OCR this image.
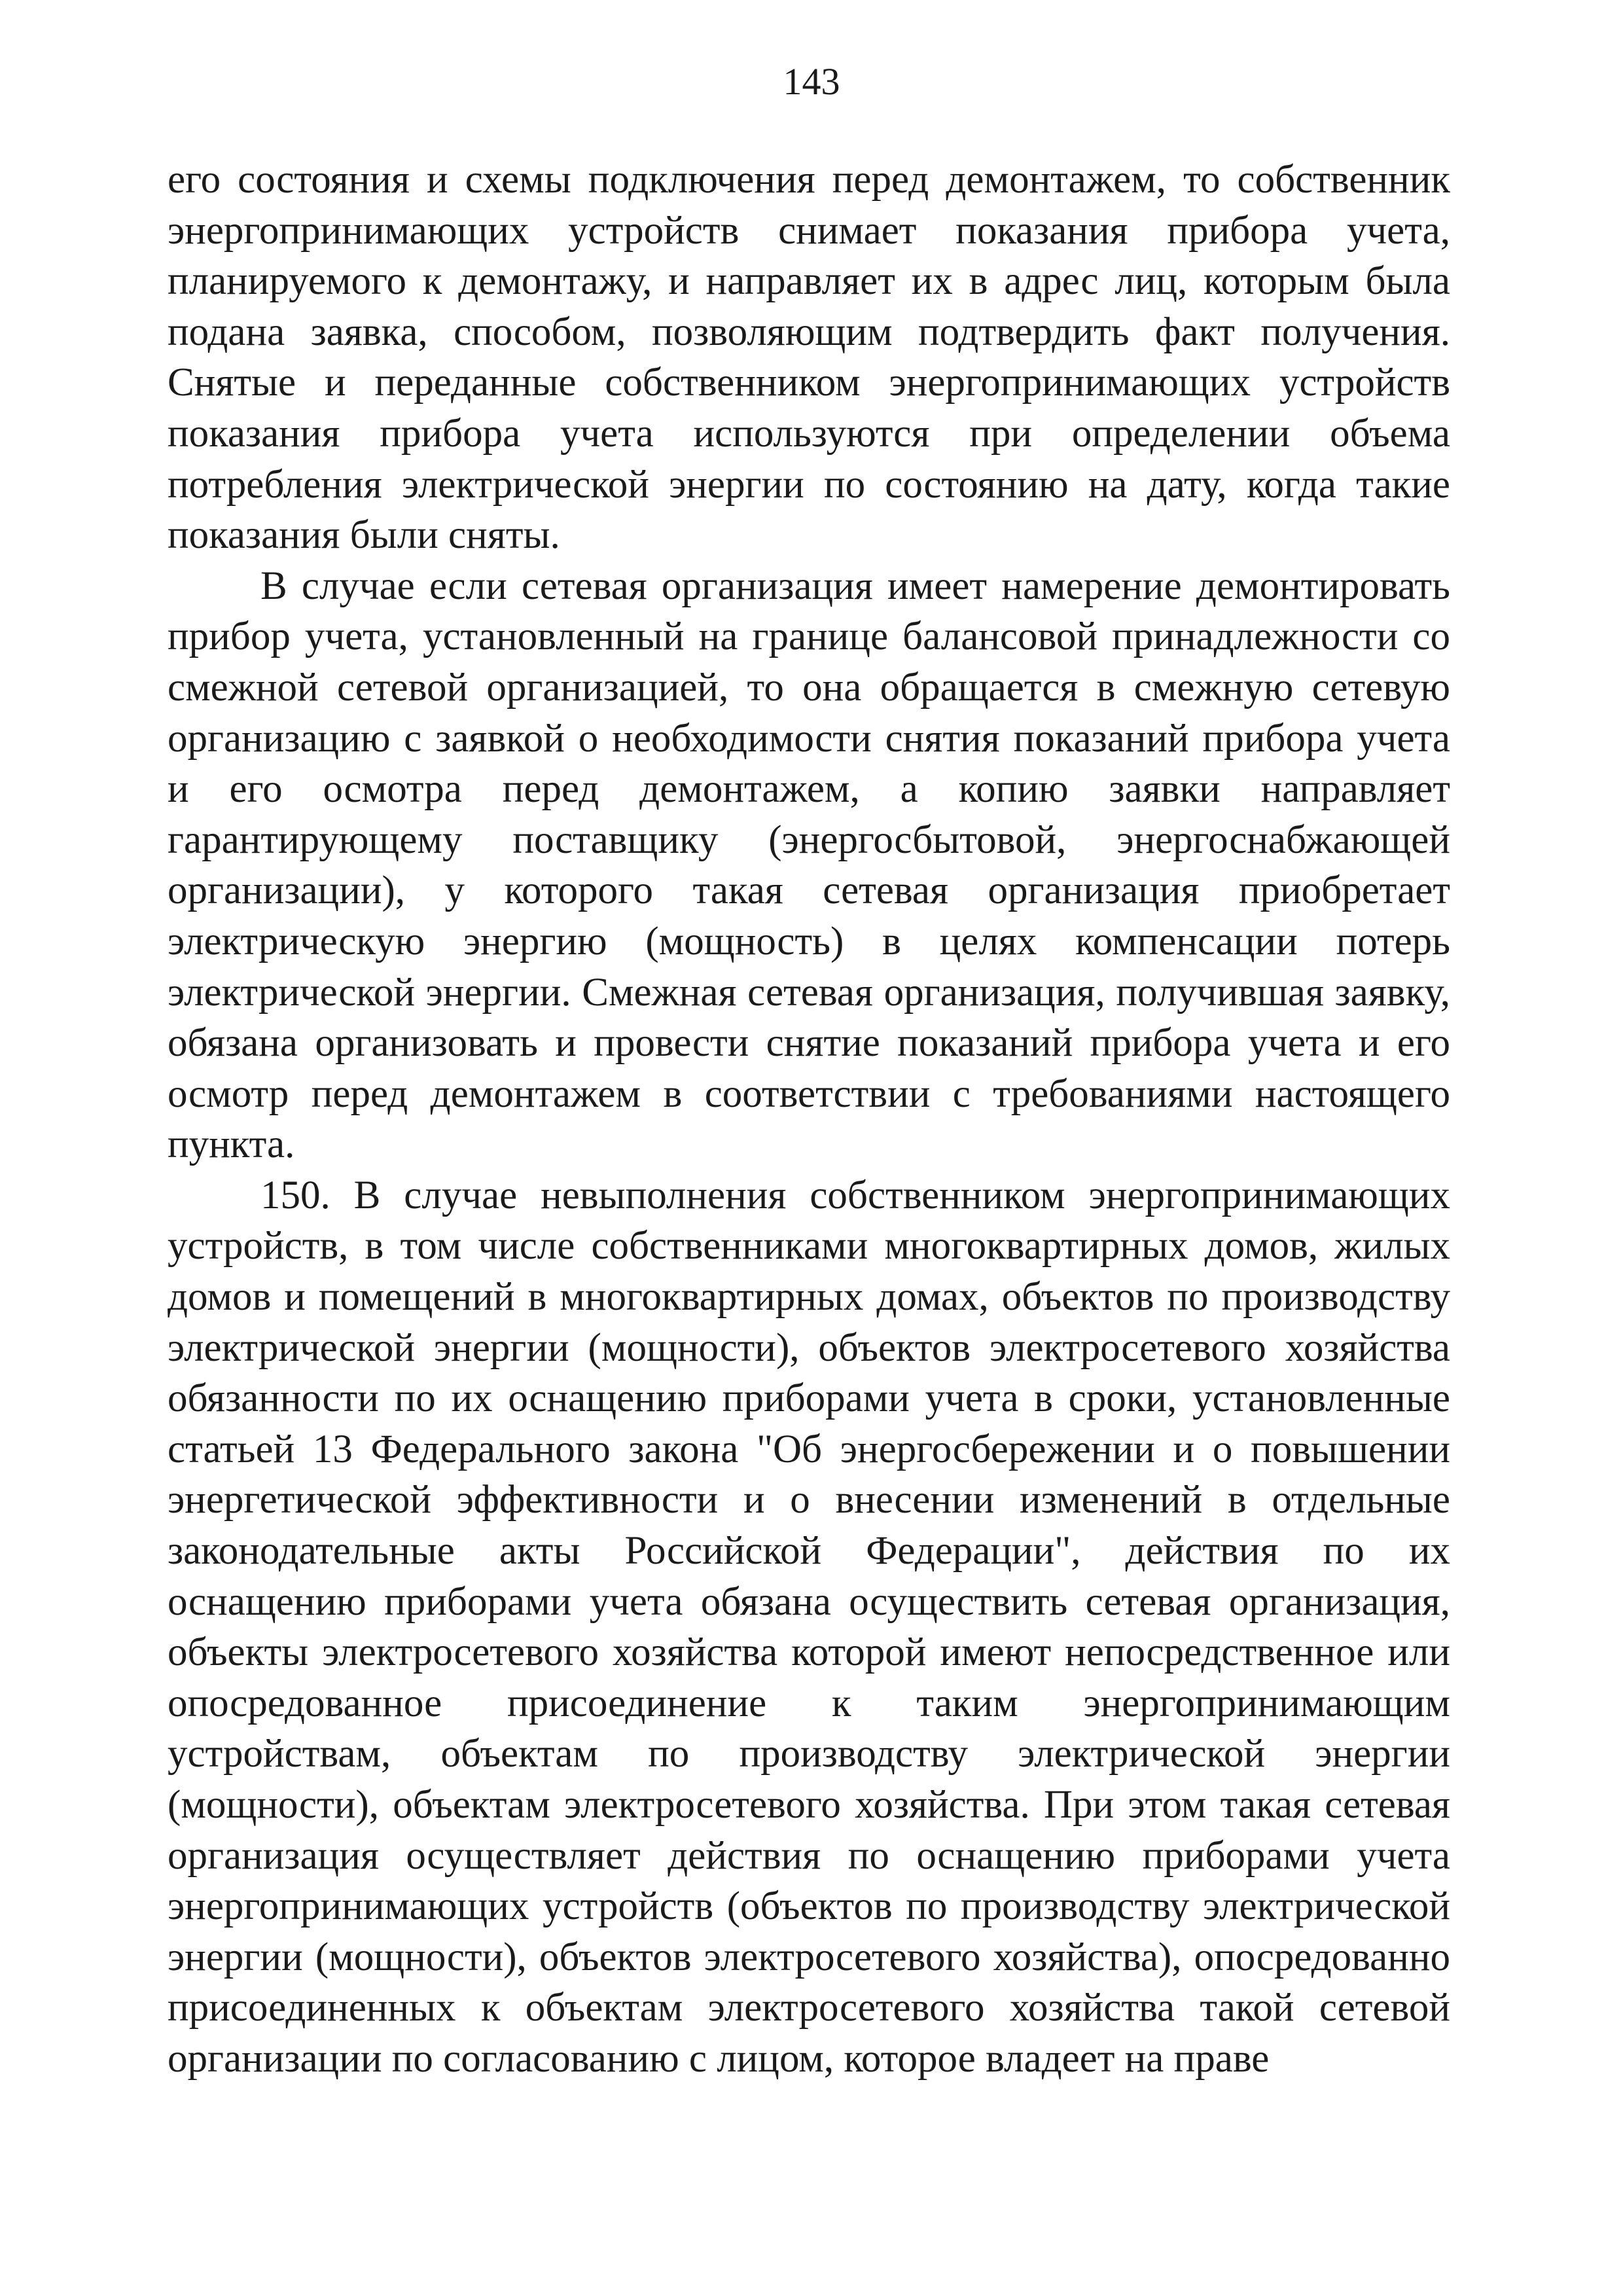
143

его состояния и схемы подключения перед демонтажем, то собственник энергопринимающих устройств снимает показания прибора учета, планируемого к демонтажу, и направляет их в адрес лиц, которым была подана заявка, способом, позволяющим подтвердить факт получения. Снятые и переданные собственником энергопринимающих устройств показания прибора учета используются при определении объема потребления электрической энергии по состоянию на дату, когда такие показания были сняты.

В случае если сетевая организация имеет намерение демонтировать прибор учета, установленный на границе балансовой принадлежности со смежной сетевой организацией, то она обращается в смежную сетевую организацию с заявкой о необходимости снятия показаний прибора учета и его осмотра перед демонтажем, а копию заявки направляет гарантирующему поставщику (энергосбытовой, энергоснабжающей организации), у которого такая сетевая организация приобретает электрическую энергию (мощность) в целях компенсации потерь электрической энергии. Смежная сетевая организация, получившая заявку, обязана организовать и провести снятие показаний прибора учета и его осмотр перед демонтажем в соответствии с требованиями настоящего пункта.

150. В случае невыполнения собственником энергопринимающих устройств, в том числе собственниками многоквартирных домов, жилых домов и помещений в многоквартирных домах, объектов по производству электрической энергии (мощности), объектов электросетевого хозяйства обязанности по их оснащению приборами учета в сроки, установленные статьей 13 Федерального закона "Об энергосбережении и о повышении энергетической эффективности и о внесении изменений в отдельные законодательные акты Российской Федерации", действия по их оснащению приборами учета обязана осуществить сетевая организация, объекты электросетевого хозяйства которой имеют непосредственное или опосредованное присоединение к таким энергопринимающим устройствам, объектам по производству электрической энергии (мощности), объектам электросетевого хозяйства. При этом такая сетевая организация осуществляет действия по оснащению приборами учета энергопринимающих устройств (объектов по производству электрической энергии (мощности), объектов электросетевого хозяйства), опосредованно присоединенных к объектам электросетевого хозяйства такой сетевой организации по согласованию с лицом, которое владеет на праве
